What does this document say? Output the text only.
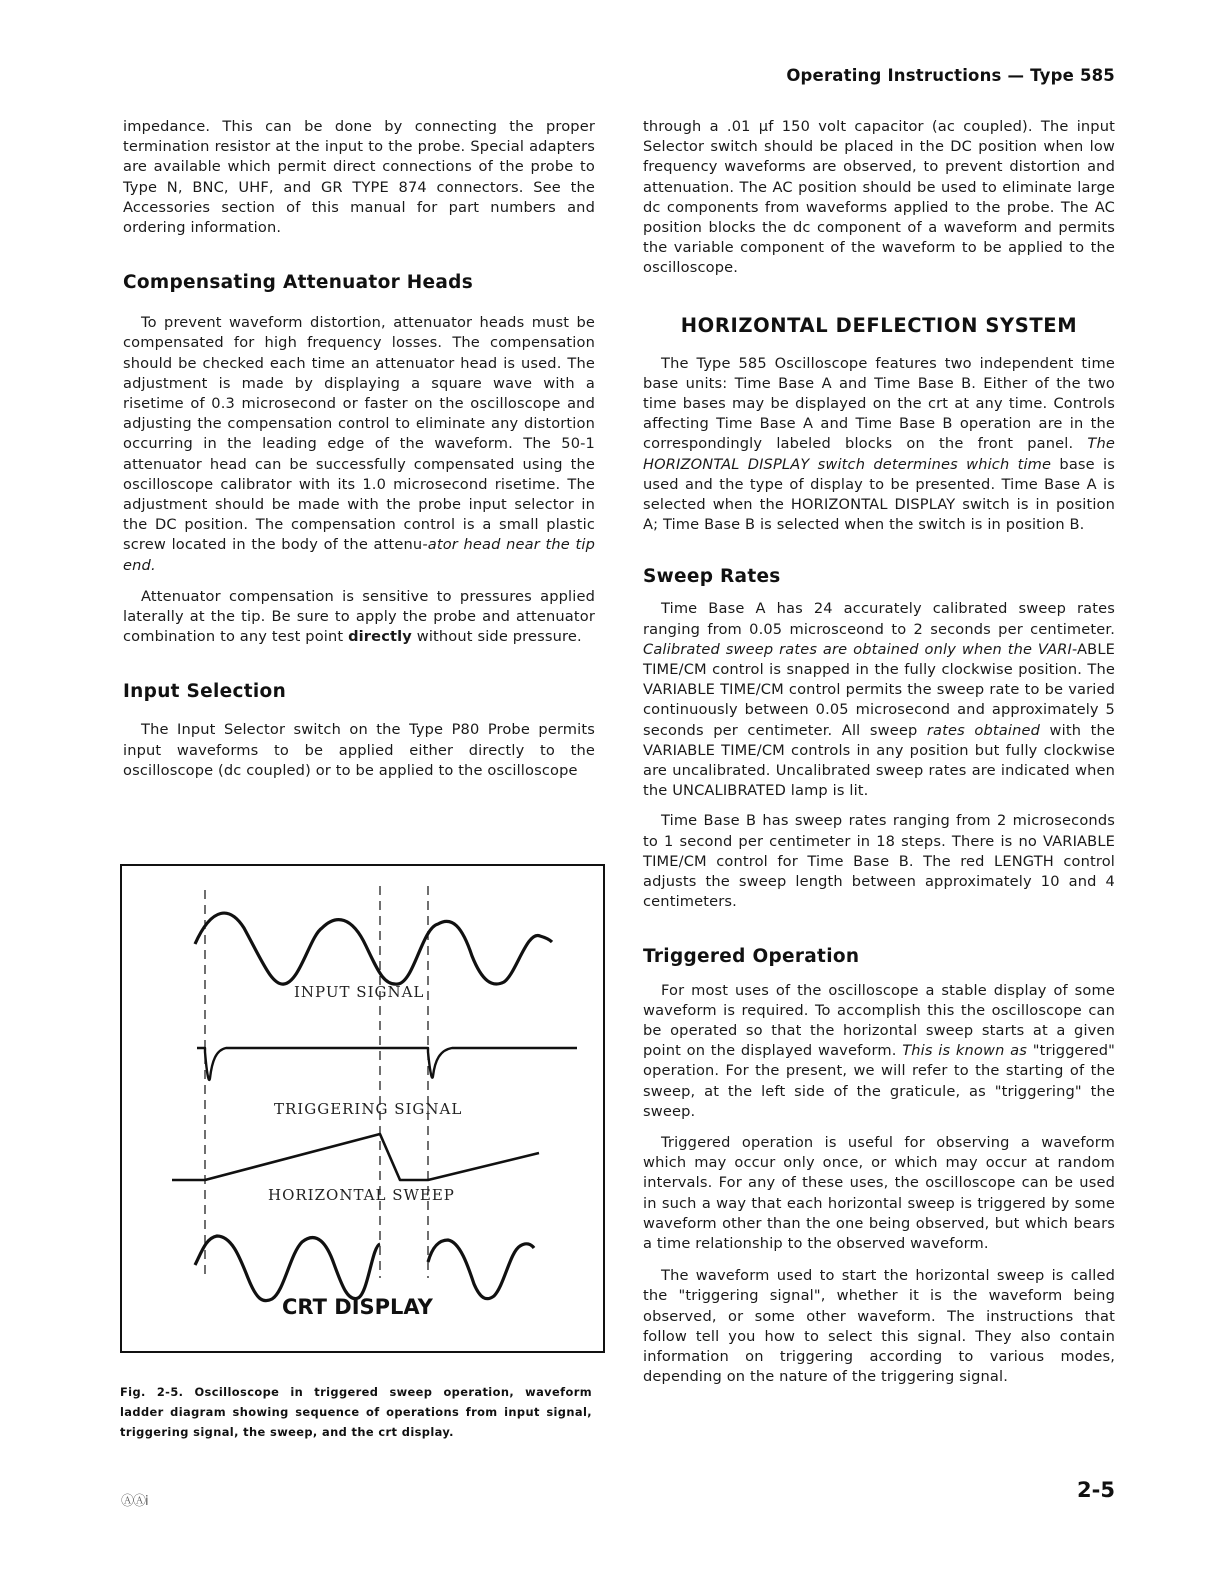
Operating Instructions — Type 585

impedance. This can be done by connecting the proper termination resistor at the input to the probe. Special adapters are available which permit direct connections of the probe to Type N, BNC, UHF, and GR TYPE 874 connectors. See the Accessories section of this manual for part numbers and ordering information.

Compensating Attenuator Heads

To prevent waveform distortion, attenuator heads must be compensated for high frequency losses. The compensation should be checked each time an attenuator head is used. The adjustment is made by displaying a square wave with a risetime of 0.3 microsecond or faster on the oscilloscope and adjusting the compensation control to eliminate any distortion occurring in the leading edge of the waveform. The 50-1 attenuator head can be successfully compensated using the oscilloscope calibrator with its 1.0 microsecond risetime. The adjustment should be made with the probe input selector in the DC position. The compensation control is a small plastic screw located in the body of the attenu-ator head near the tip end.

Attenuator compensation is sensitive to pressures applied laterally at the tip. Be sure to apply the probe and attenuator combination to any test point directly without side pressure.

Input Selection

The Input Selector switch on the Type P80 Probe permits input waveforms to be applied either directly to the oscilloscope (dc coupled) or to be applied to the oscilloscope

INPUT SIGNAL
TRIGGERING SIGNAL
HORIZONTAL SWEEP
CRT DISPLAY
Fig. 2-5. Oscilloscope in triggered sweep operation, waveform ladder diagram showing sequence of operations from input signal, triggering signal, the sweep, and the crt display.

through a .01 µf 150 volt capacitor (ac coupled). The input Selector switch should be placed in the DC position when low frequency waveforms are observed, to prevent distortion and attenuation. The AC position should be used to eliminate large dc components from waveforms applied to the probe. The AC position blocks the dc component of a waveform and permits the variable component of the waveform to be applied to the oscilloscope.

HORIZONTAL DEFLECTION SYSTEM

The Type 585 Oscilloscope features two independent time base units: Time Base A and Time Base B. Either of the two time bases may be displayed on the crt at any time. Controls affecting Time Base A and Time Base B operation are in the correspondingly labeled blocks on the front panel. The HORIZONTAL DISPLAY switch determines which time base is used and the type of display to be presented. Time Base A is selected when the HORIZONTAL DISPLAY switch is in position A; Time Base B is selected when the switch is in position B.

Sweep Rates

Time Base A has 24 accurately calibrated sweep rates ranging from 0.05 microsceond to 2 seconds per centimeter. Calibrated sweep rates are obtained only when the VARI-ABLE TIME/CM control is snapped in the fully clockwise position. The VARIABLE TIME/CM control permits the sweep rate to be varied continuously between 0.05 microsecond and approximately 5 seconds per centimeter. All sweep rates obtained with the VARIABLE TIME/CM controls in any position but fully clockwise are uncalibrated. Uncalibrated sweep rates are indicated when the UNCALIBRATED lamp is lit.

Time Base B has sweep rates ranging from 2 microseconds to 1 second per centimeter in 18 steps. There is no VARIABLE TIME/CM control for Time Base B. The red LENGTH control adjusts the sweep length between approximately 10 and 4 centimeters.

Triggered Operation

For most uses of the oscilloscope a stable display of some waveform is required. To accomplish this the oscilloscope can be operated so that the horizontal sweep starts at a given point on the displayed waveform. This is known as "triggered" operation. For the present, we will refer to the starting of the sweep, at the left side of the graticule, as "triggering" the sweep.

Triggered operation is useful for observing a waveform which may occur only once, or which may occur at random intervals. For any of these uses, the oscilloscope can be used in such a way that each horizontal sweep is triggered by some waveform other than the one being observed, but which bears a time relationship to the observed waveform.

The waveform used to start the horizontal sweep is called the "triggering signal", whether it is the waveform being observed, or some other waveform. The instructions that follow tell you how to select this signal. They also contain information on triggering according to various modes, depending on the nature of the triggering signal.

ⒶⒶi	2-5
